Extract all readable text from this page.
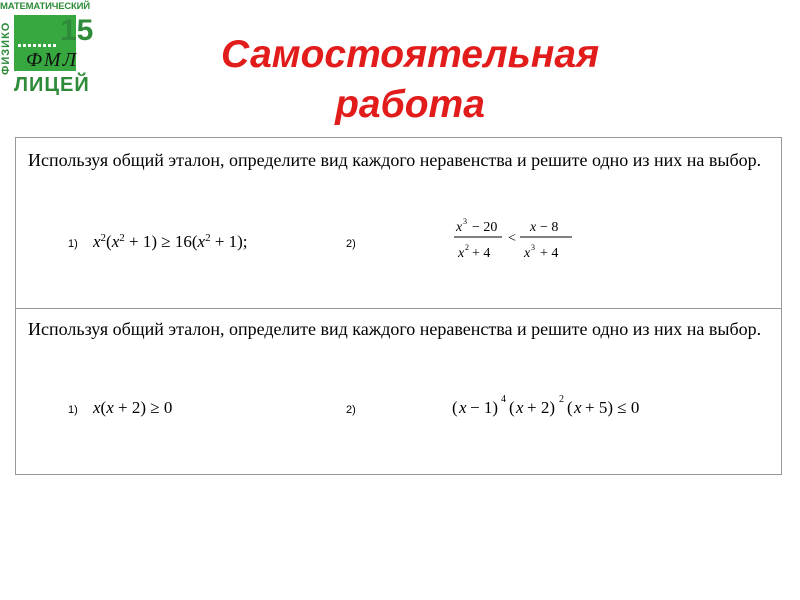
МАТЕМАТИЧЕСКИЙ
ФИЗИКО 15
ФМЛ
ЛИЦЕЙ
Самостоятельная
работа
Используя общий эталон, определите вид каждого неравенства и решите одно из них на выбор.
1) $x^2(x^2 + 1) \ge 16(x^2 + 1)$;	2)
x 3 − 20
x 2 + 4
<
x − 8
x 3 + 4
Используя общий эталон, определите вид каждого неравенства и решите одно из них на выбор.
1) x(x + 2) ≥ 0	2)	( x − 1) 4 ( x + 2) 2 ( x + 5) ≤ 0
